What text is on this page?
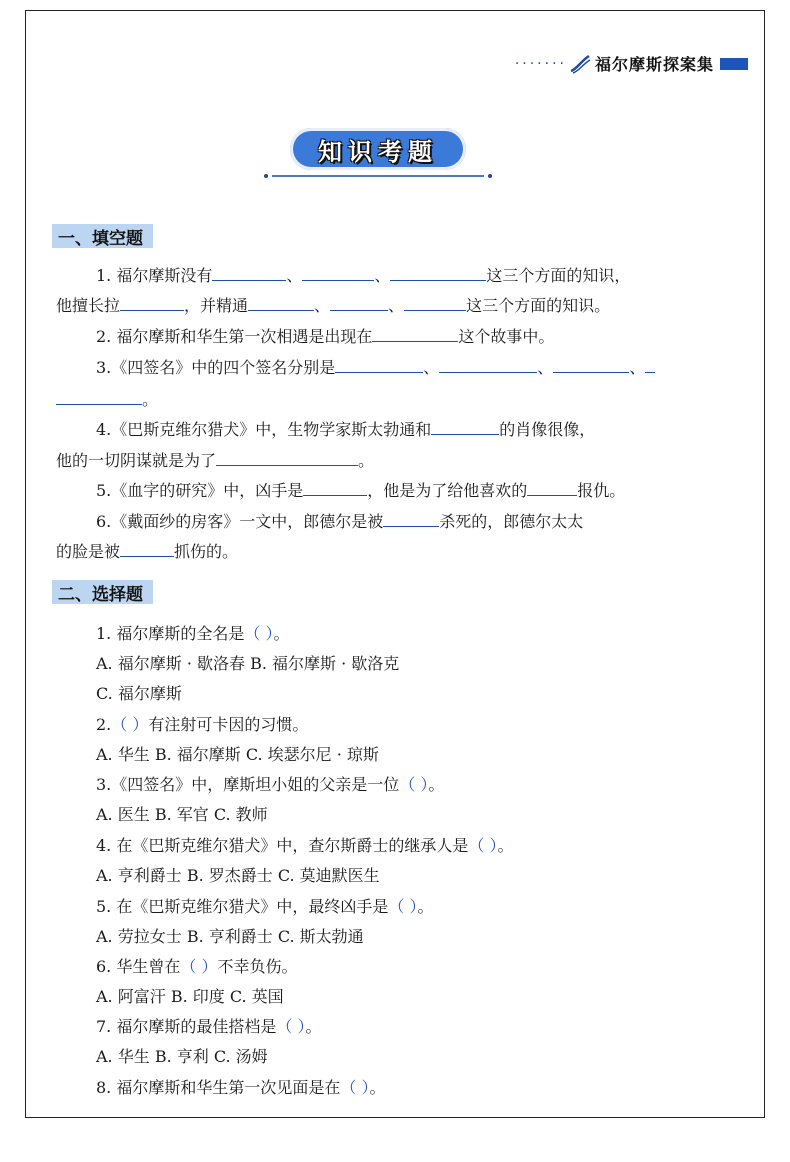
······· 福尔摩斯探案集
知识考题
一、填空题
1. 福尔摩斯没有	、	、	这三个方面的知识，
他擅长拉	，并精通	、	、	这三个方面的知识。
2. 福尔摩斯和华生第一次相遇是出现在	这个故事中。
3.《四签名》中的四个签名分别是	、	、	、
。
4.《巴斯克维尔猎犬》中，生物学家斯太勃通和	的肖像很像，
他的一切阴谋就是为了	。
5.《血字的研究》中，凶手是	，他是为了给他喜欢的	报仇。
6.《戴面纱的房客》一文中，郎德尔是被	杀死的，郎德尔太太
的脸是被	抓伤的。
二、选择题
1. 福尔摩斯的全名是（ ）。
A. 福尔摩斯 · 歇洛春 B. 福尔摩斯 · 歇洛克
C. 福尔摩斯
2.（ ）有注射可卡因的习惯。
A. 华生 B. 福尔摩斯 C. 埃瑟尔尼 · 琼斯
3.《四签名》中，摩斯坦小姐的父亲是一位（ ）。
A. 医生 B. 军官 C. 教师
4. 在《巴斯克维尔猎犬》中，查尔斯爵士的继承人是（ ）。
A. 亨利爵士 B. 罗杰爵士 C. 莫迪默医生
5. 在《巴斯克维尔猎犬》中，最终凶手是（ ）。
A. 劳拉女士 B. 亨利爵士 C. 斯太勃通
6. 华生曾在（ ）不幸负伤。
A. 阿富汗 B. 印度 C. 英国
7. 福尔摩斯的最佳搭档是（ ）。
A. 华生 B. 亨利 C. 汤姆
8. 福尔摩斯和华生第一次见面是在（ ）。
